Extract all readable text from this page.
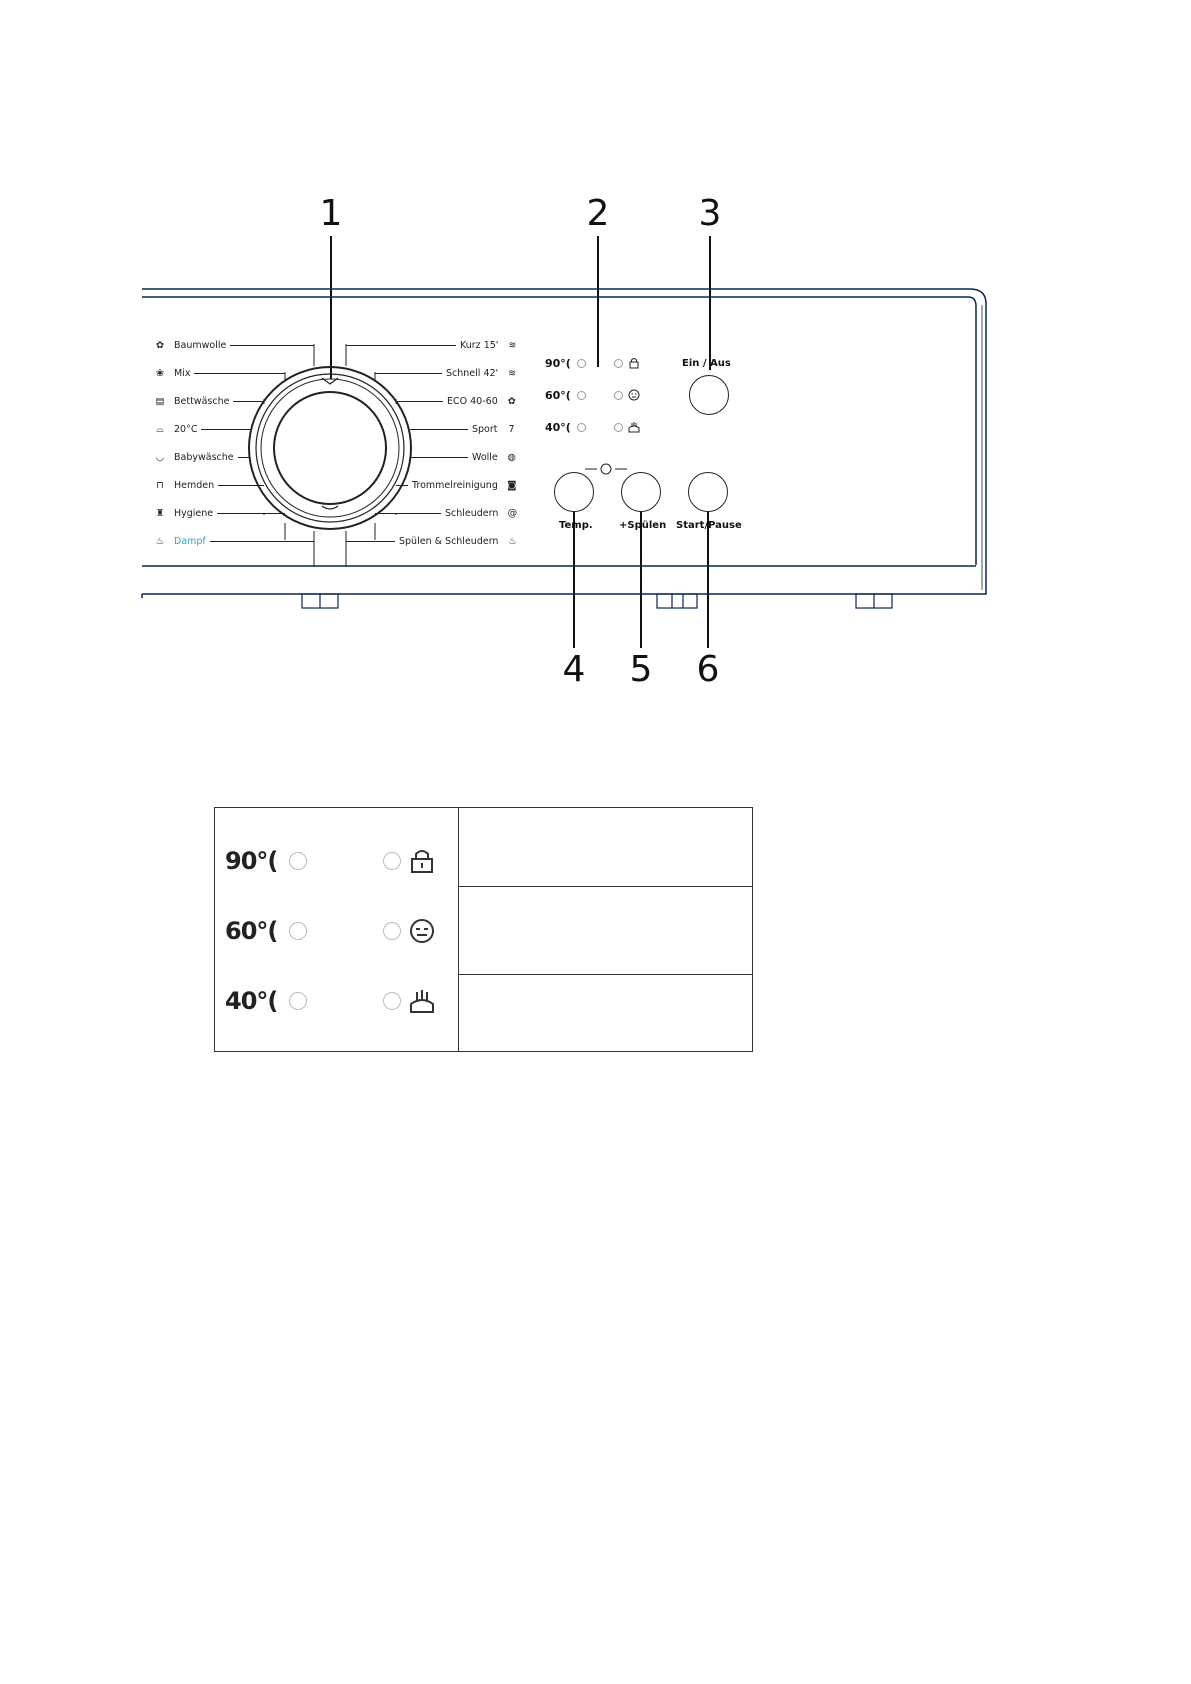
1	2 3
4 5 6
✿	Baumwolle
❀	Mix
▤	Bettwäsche
⌓	20°C
◡	Babywäsche
⊓	Hemden
♜	Hygiene
♨	Dampf
Kurz 15'	≋
Schnell 42'	≋
ECO 40-60	✿
Sport	7
Wolle	◍
Trommelreinigung ◙
Schleudern @
Spülen & Schleudern	♨
90°(
60°(
40°(
Ein / Aus
Temp.	+Spülen Start/Pause
90°(
60°(
40°(
